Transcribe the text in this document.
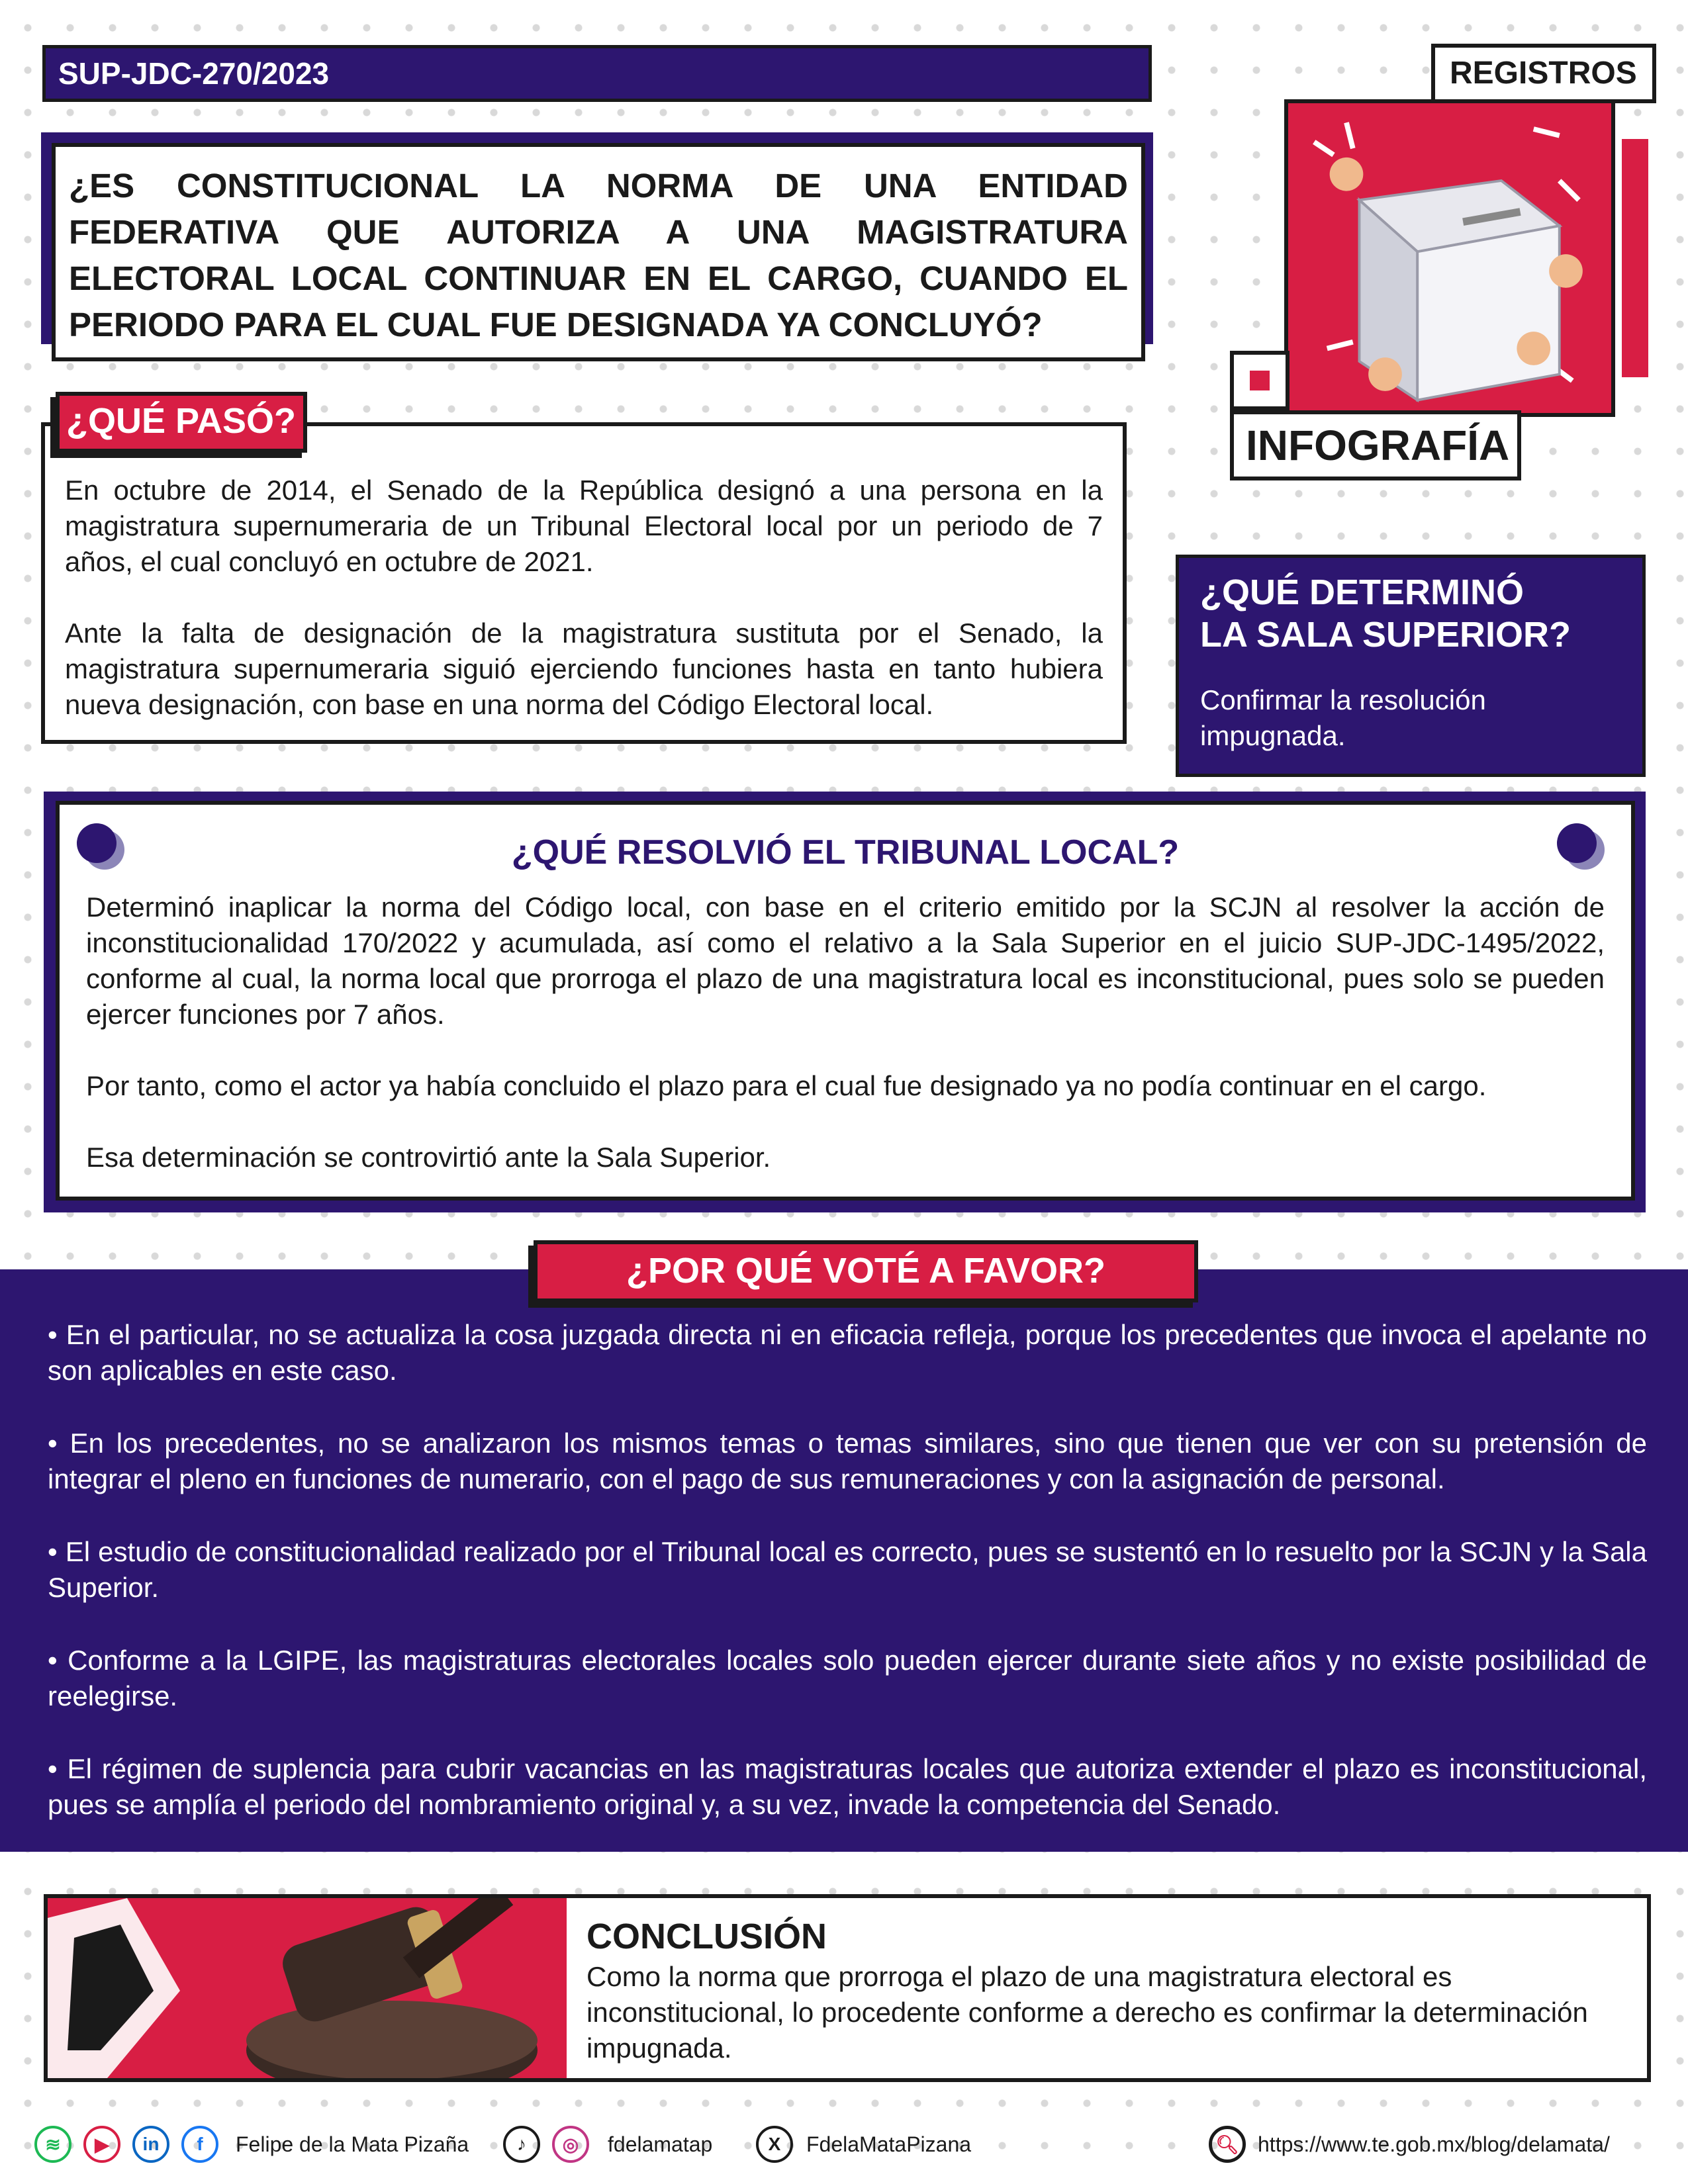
SUP-JDC-270/2023

¿ES CONSTITUCIONAL LA NORMA DE UNA ENTIDAD FEDERATIVA QUE AUTORIZA A UNA MAGISTRATURA ELECTORAL LOCAL CONTINUAR EN EL CARGO, CUANDO EL PERIODO PARA EL CUAL FUE DESIGNADA YA CONCLUYÓ?

REGISTROS
INFOGRAFÍA

En octubre de 2014, el Senado de la República designó a una persona en la magistratura supernumeraria de un Tribunal Electoral local por un periodo de 7 años, el cual concluyó en octubre de 2021.

Ante la falta de designación de la magistratura sustituta por el Senado, la magistratura supernumeraria siguió ejerciendo funciones hasta en tanto hubiera nueva designación, con base en una norma del Código Electoral local.

¿QUÉ PASÓ?

¿QUÉ DETERMINÓ

LA SALA SUPERIOR?

Confirmar la resolución impugnada.

¿QUÉ RESOLVIÓ EL TRIBUNAL LOCAL?

Determinó inaplicar la norma del Código local, con base en el criterio emitido por la SCJN al resolver la acción de inconstitucionalidad 170/2022 y acumulada, así como el relativo a la Sala Superior en el juicio SUP-JDC-1495/2022, conforme al cual, la norma local que prorroga el plazo de una magistratura local es inconstitucional, pues solo se pueden ejercer funciones por 7 años.

Por tanto, como el actor ya había concluido el plazo para el cual fue designado ya no podía continuar en el cargo.

Esa determinación se controvirtió ante la Sala Superior.

• En el particular, no se actualiza la cosa juzgada directa ni en eficacia refleja, porque los precedentes que invoca el apelante no son aplicables en este caso.

• En los precedentes, no se analizaron los mismos temas o temas similares, sino que tienen que ver con su pretensión de integrar el pleno en funciones de numerario, con el pago de sus remuneraciones y con la asignación de personal.

• El estudio de constitucionalidad realizado por el Tribunal local es correcto, pues se sustentó en lo resuelto por la SCJN y la Sala Superior.

• Conforme a la LGIPE, las magistraturas electorales locales solo pueden ejercer durante siete años y no existe posibilidad de reelegirse.

• El régimen de suplencia para cubrir vacancias en las magistraturas locales que autoriza extender el plazo es inconstitucional, pues se amplía el periodo del nombramiento original y, a su vez, invade la competencia del Senado.

¿POR QUÉ VOTÉ A FAVOR?
CONCLUSIÓN
Como la norma que prorroga el plazo de una magistratura electoral es inconstitucional, lo procedente conforme a derecho es confirmar la determinación impugnada.
≋	▶	in	f	Felipe de la Mata Pizaña	♪	◎	fdelamatap	X	FdelaMataPizana	🔍︎ https://www.te.gob.mx/blog/delamata/
